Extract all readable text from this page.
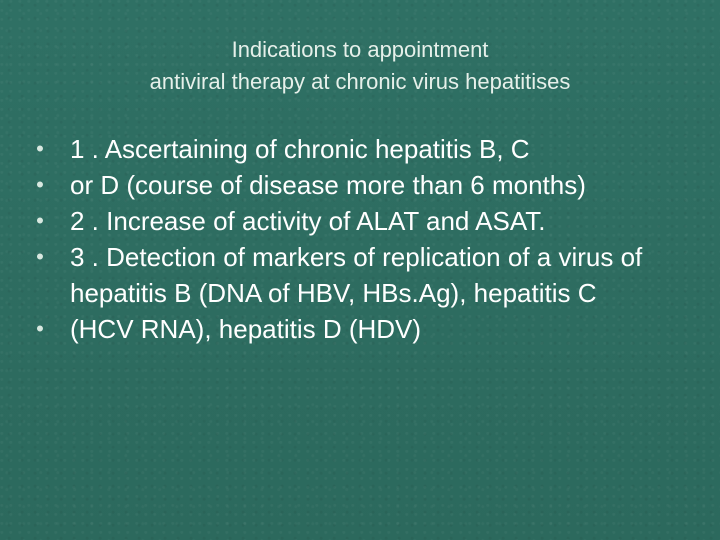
Indications to appointment
antiviral therapy at chronic virus hepatitises
• 1 . Ascertaining of chronic hepatitis B, C
• or D (course of disease more than 6 months)
• 2 . Increase of activity of ALAT and ASAT.
• 3 . Detection of markers of replication of a virus of hepatitis B (DNA of HBV, HBs.Ag), hepatitis C
• (HCV RNA), hepatitis D (HDV)
